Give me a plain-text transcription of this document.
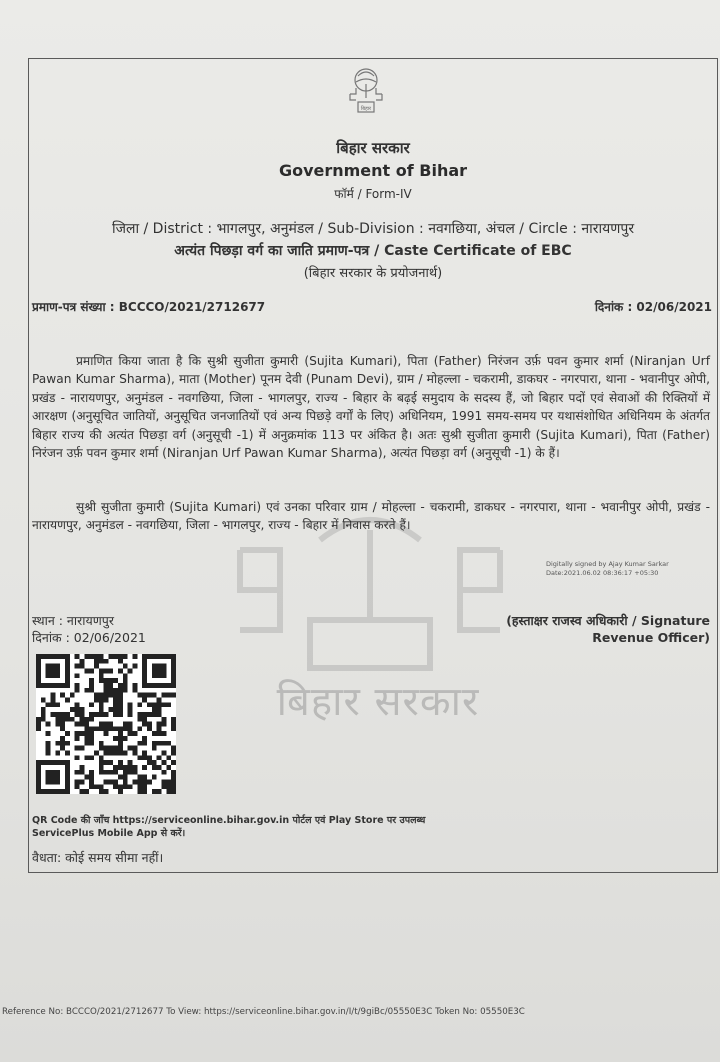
बिहार
बिहार सरकार
बिहार सरकार
Government of Bihar
फॉर्म / Form-IV
जिला / District : भागलपुर, अनुमंडल / Sub-Division : नवगछिया, अंचल / Circle : नारायणपुर
अत्यंत पिछड़ा वर्ग का जाति प्रमाण-पत्र / Caste Certificate of EBC
(बिहार सरकार के प्रयोजनार्थ)
प्रमाण-पत्र संख्या : BCCCO/2021/2712677	दिनांक : 02/06/2021
प्रमाणित किया जाता है कि सुश्री सुजीता कुमारी (Sujita Kumari), पिता (Father) निरंजन उर्फ़ पवन कुमार शर्मा (Niranjan Urf Pawan Kumar Sharma), माता (Mother) पूनम देवी (Punam Devi), ग्राम / मोहल्ला - चकरामी, डाकघर - नगरपारा, थाना - भवानीपुर ओपी, प्रखंड - नारायणपुर, अनुमंडल - नवगछिया, जिला - भागलपुर, राज्य - बिहार के बढ़ई समुदाय के सदस्य हैं, जो बिहार पदों एवं सेवाओं की रिक्तियों में आरक्षण (अनुसूचित जातियों, अनुसूचित जनजातियों एवं अन्य पिछड़े वर्गों के लिए) अधिनियम, 1991 समय-समय पर यथासंशोधित अधिनियम के अंतर्गत बिहार राज्य की अत्यंत पिछड़ा वर्ग (अनुसूची -1) में अनुक्रमांक 113 पर अंकित है। अतः सुश्री सुजीता कुमारी (Sujita Kumari), पिता (Father) निरंजन उर्फ़ पवन कुमार शर्मा (Niranjan Urf Pawan Kumar Sharma), अत्यंत पिछड़ा वर्ग (अनुसूची -1) के हैं।
सुश्री सुजीता कुमारी (Sujita Kumari) एवं उनका परिवार ग्राम / मोहल्ला - चकरामी, डाकघर - नगरपारा, थाना - भवानीपुर ओपी, प्रखंड - नारायणपुर, अनुमंडल - नवगछिया, जिला - भागलपुर, राज्य - बिहार में निवास करते हैं।
Digitally signed by Ajay Kumar Sarkar
Date:2021.06.02 08:36:17 +05:30
स्थान : नारायणपुर
दिनांक : 02/06/2021
(हस्ताक्षर राजस्व अधिकारी / Signature
Revenue Officer)
QR Code की जाँच https://serviceonline.bihar.gov.in पोर्टल एवं Play Store पर उपलब्ध ServicePlus Mobile App से करें।
वैधता: कोई समय सीमा नहीं।
Reference No: BCCCO/2021/2712677 To View: https://serviceonline.bihar.gov.in/I/t/9giBc/05550E3C Token No: 05550E3C
